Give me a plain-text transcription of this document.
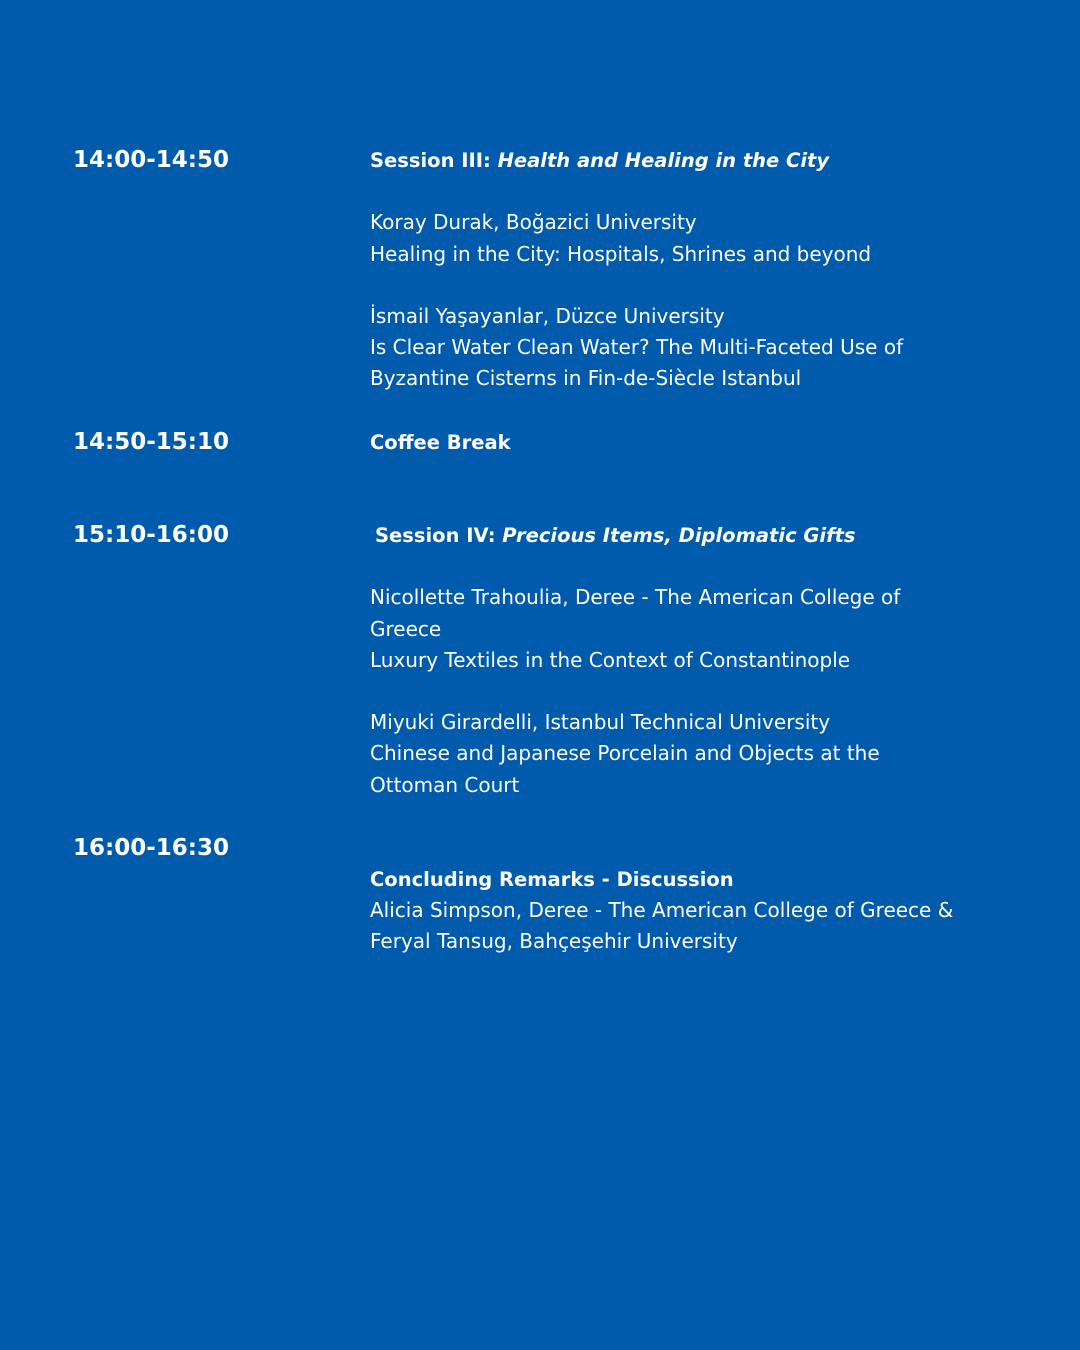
14:00-14:50	Session III: Health and Healing in the City
Koray Durak, Boğazici University
Healing in the City: Hospitals, Shrines and beyond
İsmail Yaşayanlar, Düzce University
Is Clear Water Clean Water? The Multi-Faceted Use of
Byzantine Cisterns in Fin-de-Siècle Istanbul
14:50-15:10	Coffee Break
15:10-16:00	Session IV: Precious Items, Diplomatic Gifts
Nicollette Trahoulia, Deree - The American College of
Greece
Luxury Textiles in the Context of Constantinople
Miyuki Girardelli, Istanbul Technical University
Chinese and Japanese Porcelain and Objects at the
Ottoman Court
16:00-16:30
Concluding Remarks - Discussion
Alicia Simpson, Deree - The American College of Greece &
Feryal Tansug, Bahçeşehir University
